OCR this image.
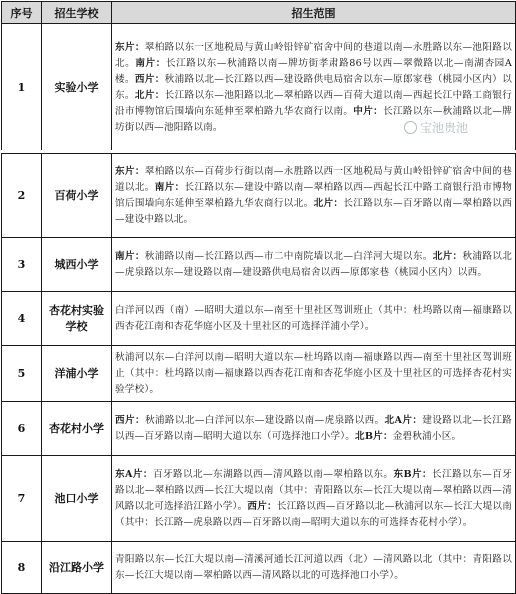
序号	招生学校	招生范围
1	实验小学	东片：翠柏路以东一区地税局与黄山岭铅锌矿宿舍中间的巷道以南—永胜路以东—池阳路以北。南片：长江路以东—秋浦路以南—牌坊街孝肃路86号以西—翠微路以北—南湖杏园A楼。西片：秋浦路以北—长江路以西—建设路供电局宿舍以东—原郎家巷（桃园小区内）以东。北片：长江路以东—池阳路以北—翠柏路以西—百荷大道以南—西起长江中路工商银行沿市博物馆后围墙向东延伸至翠柏路九华农商行以南。中片：长江路以东—秋浦路以北—牌坊街以西—池阳路以南。	宝池贵池
2	百荷小学	东片：翠柏路以东—百荷步行街以南—永胜路以西一区地税局与黄山岭铅锌矿宿舍中间的巷道以北。南片：长江路以东—建设中路以南—翠柏路以西—西起长江中路工商银行沿市博物馆后围墙向东延伸至翠柏路九华农商行以北。北片：长江路以东—百牙路以南—翠柏路以西—建设中路以北。
3	城西小学	南片：秋浦路以南—长江路以西—市二中南院墙以北—白洋河大堤以东。北片：秋浦路以北—虎泉路以东—建设路以南—建设路供电局宿舍以西—原郎家巷（桃园小区内）以西。
4	杏花村实验学校	白洋河以西（南）—昭明大道以东—南至十里社区驾训班止（其中：杜坞路以南—福康路以西杏花江南和杏花华庭小区及十里社区的可选择洋浦小学）。
5	洋浦小学	秋浦河以东—白洋河以南—昭明大道以东—杜坞路以南—福康路以西—南至十里社区驾训班止（其中：杜坞路以南—福康路以西杏花江南和杏花华庭小区及十里社区的可选择杏花村实验学校）。
6	杏花村小学	西片：秋浦路以北—白洋河以东—建设路以南—虎泉路以西。北A片：建设路以北—长江路以西—百牙路以南—昭明大道以东（可选择池口小学）。北B片：金碧秋浦小区。
7	池口小学	东A片：百牙路以北—东湖路以西—清风路以南—翠柏路以东。东B片：长江路以东—百牙路以北—翠柏路以西—长江大堤以南（其中：青阳路以东—长江大堤以南—翠柏路以西—清风路以北可选择沿江路小学）。西片：长江路以西—百牙路以北—秋浦河以东—长江大堤以南（其中：长江路—虎泉路以西—百牙路以南—昭明大道以东的可选择杏花村小学）。
8	沿江路小学	青阳路以东—长江大堤以南—清溪河通长江河道以西（北）—清风路以北（其中：青阳路以东—长江大堤以南—翠柏路以西—清风路以北的可选择池口小学）。
